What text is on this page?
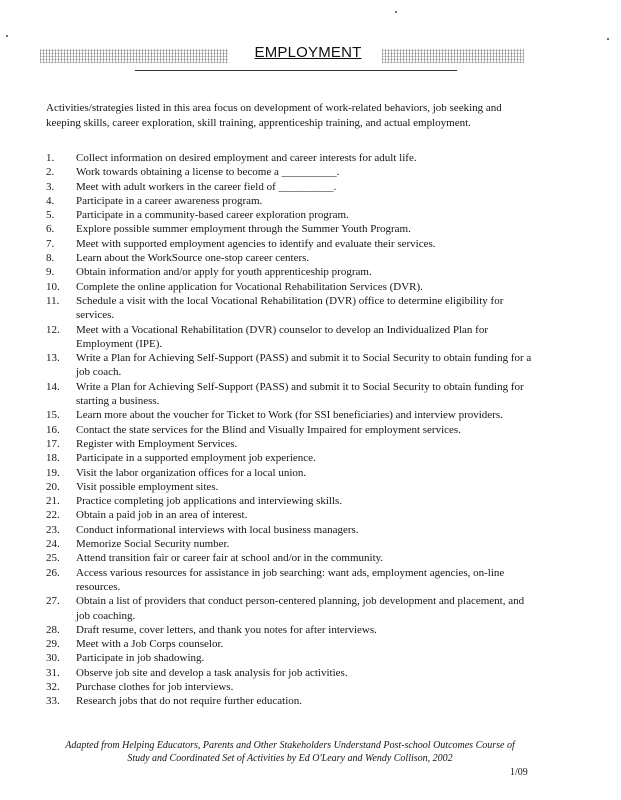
EMPLOYMENT

Activities/strategies listed in this area focus on development of work-related behaviors, job seeking and keeping skills, career exploration, skill training, apprenticeship training, and actual employment.

1.	Collect information on desired employment and career interests for adult life.
2.	Work towards obtaining a license to become a __________.
3.	Meet with adult workers in the career field of __________.
4.	Participate in a career awareness program.
5.	Participate in a community-based career exploration program.
6.	Explore possible summer employment through the Summer Youth Program.
7.	Meet with supported employment agencies to identify and evaluate their services.
8.	Learn about the WorkSource one-stop career centers.
9.	Obtain information and/or apply for youth apprenticeship program.
10.	Complete the online application for Vocational Rehabilitation Services (DVR).
11.	Schedule a visit with the local Vocational Rehabilitation (DVR) office to determine eligibility for services.
12.	Meet with a Vocational Rehabilitation (DVR) counselor to develop an Individualized Plan for Employment (IPE).
13.	Write a Plan for Achieving Self-Support (PASS) and submit it to Social Security to obtain funding for a job coach.
14.	Write a Plan for Achieving Self-Support (PASS) and submit it to Social Security to obtain funding for starting a business.
15.	Learn more about the voucher for Ticket to Work (for SSI beneficiaries) and interview providers.
16.	Contact the state services for the Blind and Visually Impaired for employment services.
17.	Register with Employment Services.
18.	Participate in a supported employment job experience.
19.	Visit the labor organization offices for a local union.
20.	Visit possible employment sites.
21.	Practice completing job applications and interviewing skills.
22.	Obtain a paid job in an area of interest.
23.	Conduct informational interviews with local business managers.
24.	Memorize Social Security number.
25.	Attend transition fair or career fair at school and/or in the community.
26.	Access various resources for assistance in job searching: want ads, employment agencies, on-line resources.
27.	Obtain a list of providers that conduct person-centered planning, job development and placement, and job coaching.
28.	Draft resume, cover letters, and thank you notes for after interviews.
29.	Meet with a Job Corps counselor.
30.	Participate in job shadowing.
31.	Observe job site and develop a task analysis for job activities.
32.	Purchase clothes for job interviews.
33.	Research jobs that do not require further education.
Adapted from Helping Educators, Parents and Other Stakeholders Understand Post-school Outcomes Course of
Study and Coordinated Set of Activities by Ed O'Leary and Wendy Collison, 2002
1/09
